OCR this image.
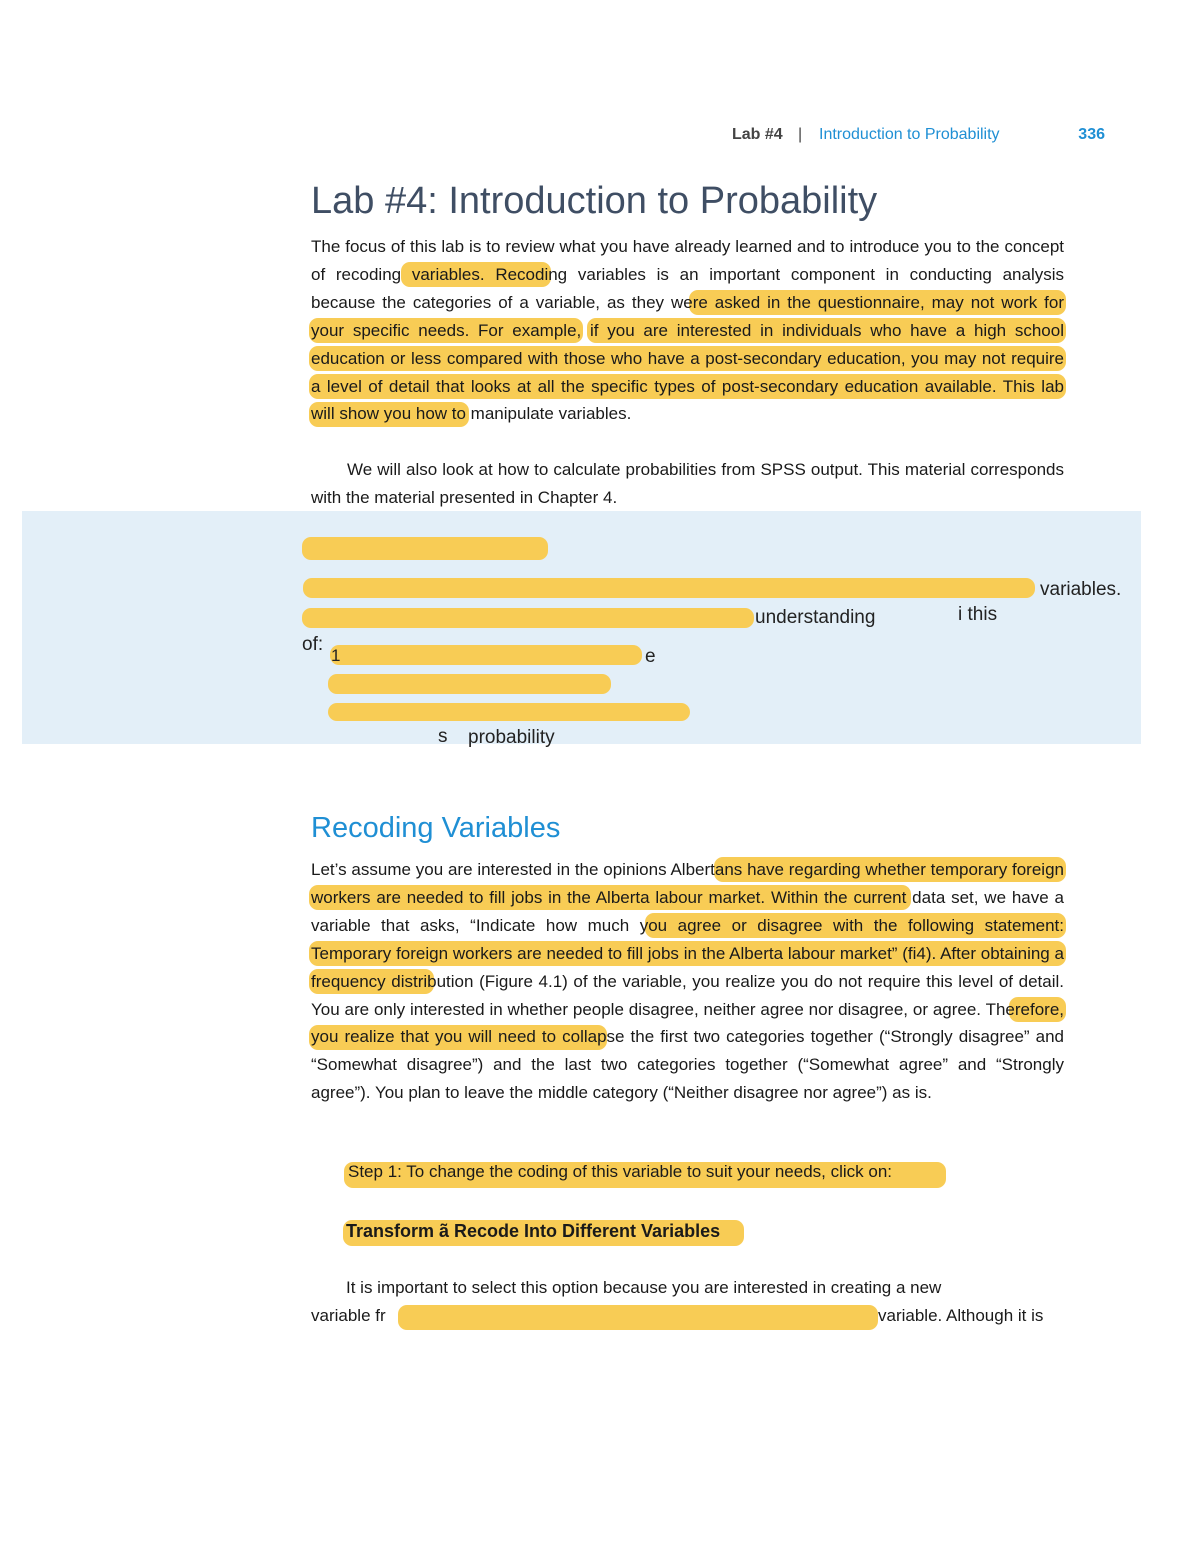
Lab #4 | Introduction to Probability	336
Lab #4: Introduction to Probability

The focus of this lab is to review what you have already learned and to introduce you to the concept of recoding variables. Recoding variables is an important component in conducting analysis because the categories of a variable, as they were asked in the questionnaire, may not work for your specific needs. For example, if you are interested in individuals who have a high school education or less compared with those who have a post-secondary education, you may not require a level of detail that looks at all the specific types of post-secondary education available. This lab will show you how to manipulate variables.

We will also look at how to calculate probabilities from SPSS output. This material corresponds with the material presented in Chapter 4.

variables.
understanding	i this
of:
1	e
s probability
Recoding Variables

Let’s assume you are interested in the opinions Albertans have regarding whether temporary foreign workers are needed to fill jobs in the Alberta labour market. Within the current data set, we have a variable that asks, “Indicate how much you agree or disagree with the following statement: Temporary foreign workers are needed to fill jobs in the Alberta labour market” (fi4). After obtaining a frequency distribution (Figure 4.1) of the variable, you realize you do not require this level of detail. You are only interested in whether people disagree, neither agree nor disagree, or agree. Therefore, you realize that you will need to collapse the first two categories together (“Strongly disagree” and “Somewhat disagree”) and the last two categories together (“Somewhat agree” and “Strongly agree”). You plan to leave the middle category (“Neither disagree nor agree”) as is.

Step 1: To change the coding of this variable to suit your needs, click on:
Transform ã Recode Into Different Variables
It is important to select this option because you are interested in creating a new
variable fr	variable. Although it is
